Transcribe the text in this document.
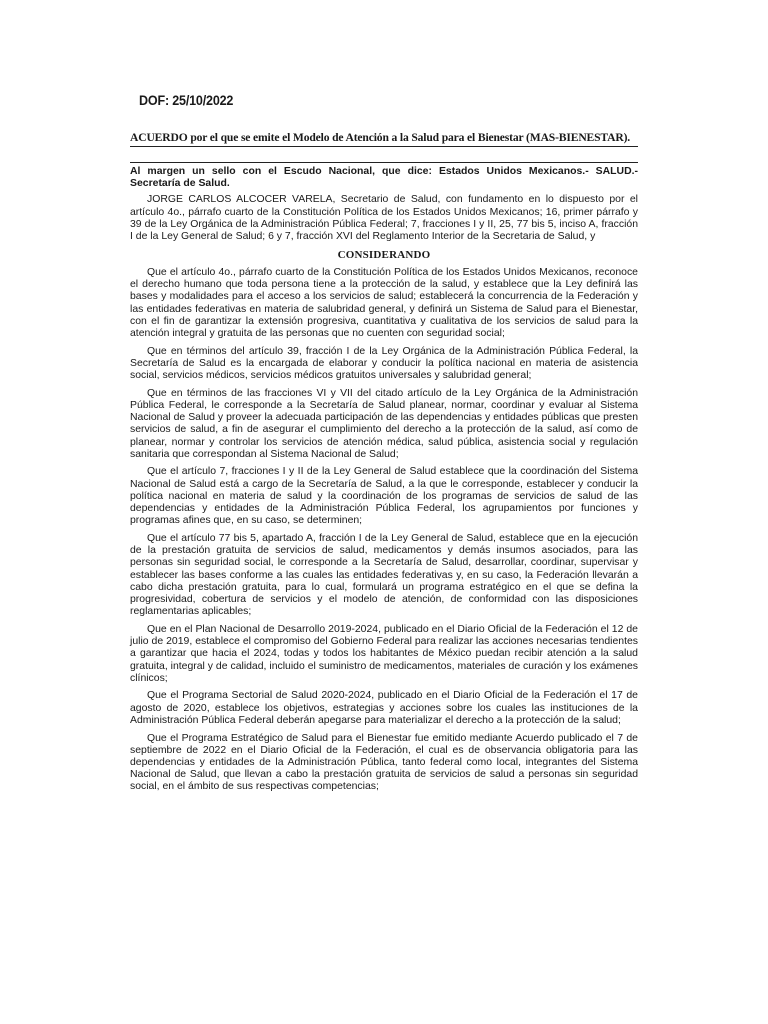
DOF: 25/10/2022
ACUERDO por el que se emite el Modelo de Atención a la Salud para el Bienestar (MAS-BIENESTAR).

Al margen un sello con el Escudo Nacional, que dice: Estados Unidos Mexicanos.- SALUD.- Secretaría de Salud.

JORGE CARLOS ALCOCER VARELA, Secretario de Salud, con fundamento en lo dispuesto por el artículo 4o., párrafo cuarto de la Constitución Política de los Estados Unidos Mexicanos; 16, primer párrafo y 39 de la Ley Orgánica de la Administración Pública Federal; 7, fracciones I y II, 25, 77 bis 5, inciso A, fracción I de la Ley General de Salud; 6 y 7, fracción XVI del Reglamento Interior de la Secretaria de Salud, y

CONSIDERANDO

Que el artículo 4o., párrafo cuarto de la Constitución Política de los Estados Unidos Mexicanos, reconoce el derecho humano que toda persona tiene a la protección de la salud, y establece que la Ley definirá las bases y modalidades para el acceso a los servicios de salud; establecerá la concurrencia de la Federación y las entidades federativas en materia de salubridad general, y definirá un Sistema de Salud para el Bienestar, con el fin de garantizar la extensión progresiva, cuantitativa y cualitativa de los servicios de salud para la atención integral y gratuita de las personas que no cuenten con seguridad social;

Que en términos del artículo 39, fracción I de la Ley Orgánica de la Administración Pública Federal, la Secretaría de Salud es la encargada de elaborar y conducir la política nacional en materia de asistencia social, servicios médicos, servicios médicos gratuitos universales y salubridad general;

Que en términos de las fracciones VI y VII del citado artículo de la Ley Orgánica de la Administración Pública Federal, le corresponde a la Secretaría de Salud planear, normar, coordinar y evaluar al Sistema Nacional de Salud y proveer la adecuada participación de las dependencias y entidades públicas que presten servicios de salud, a fin de asegurar el cumplimiento del derecho a la protección de la salud, así como de planear, normar y controlar los servicios de atención médica, salud pública, asistencia social y regulación sanitaria que correspondan al Sistema Nacional de Salud;

Que el artículo 7, fracciones I y II de la Ley General de Salud establece que la coordinación del Sistema Nacional de Salud está a cargo de la Secretaría de Salud, a la que le corresponde, establecer y conducir la política nacional en materia de salud y la coordinación de los programas de servicios de salud de las dependencias y entidades de la Administración Pública Federal, los agrupamientos por funciones y programas afines que, en su caso, se determinen;

Que el artículo 77 bis 5, apartado A, fracción I de la Ley General de Salud, establece que en la ejecución de la prestación gratuita de servicios de salud, medicamentos y demás insumos asociados, para las personas sin seguridad social, le corresponde a la Secretaría de Salud, desarrollar, coordinar, supervisar y establecer las bases conforme a las cuales las entidades federativas y, en su caso, la Federación llevarán a cabo dicha prestación gratuita, para lo cual, formulará un programa estratégico en el que se defina la progresividad, cobertura de servicios y el modelo de atención, de conformidad con las disposiciones reglamentarias aplicables;

Que en el Plan Nacional de Desarrollo 2019-2024, publicado en el Diario Oficial de la Federación el 12 de julio de 2019, establece el compromiso del Gobierno Federal para realizar las acciones necesarias tendientes a garantizar que hacia el 2024, todas y todos los habitantes de México puedan recibir atención a la salud gratuita, integral y de calidad, incluido el suministro de medicamentos, materiales de curación y los exámenes clínicos;

Que el Programa Sectorial de Salud 2020-2024, publicado en el Diario Oficial de la Federación el 17 de agosto de 2020, establece los objetivos, estrategias y acciones sobre los cuales las instituciones de la Administración Pública Federal deberán apegarse para materializar el derecho a la protección de la salud;

Que el Programa Estratégico de Salud para el Bienestar fue emitido mediante Acuerdo publicado el 7 de septiembre de 2022 en el Diario Oficial de la Federación, el cual es de observancia obligatoria para las dependencias y entidades de la Administración Pública, tanto federal como local, integrantes del Sistema Nacional de Salud, que llevan a cabo la prestación gratuita de servicios de salud a personas sin seguridad social, en el ámbito de sus respectivas competencias;
